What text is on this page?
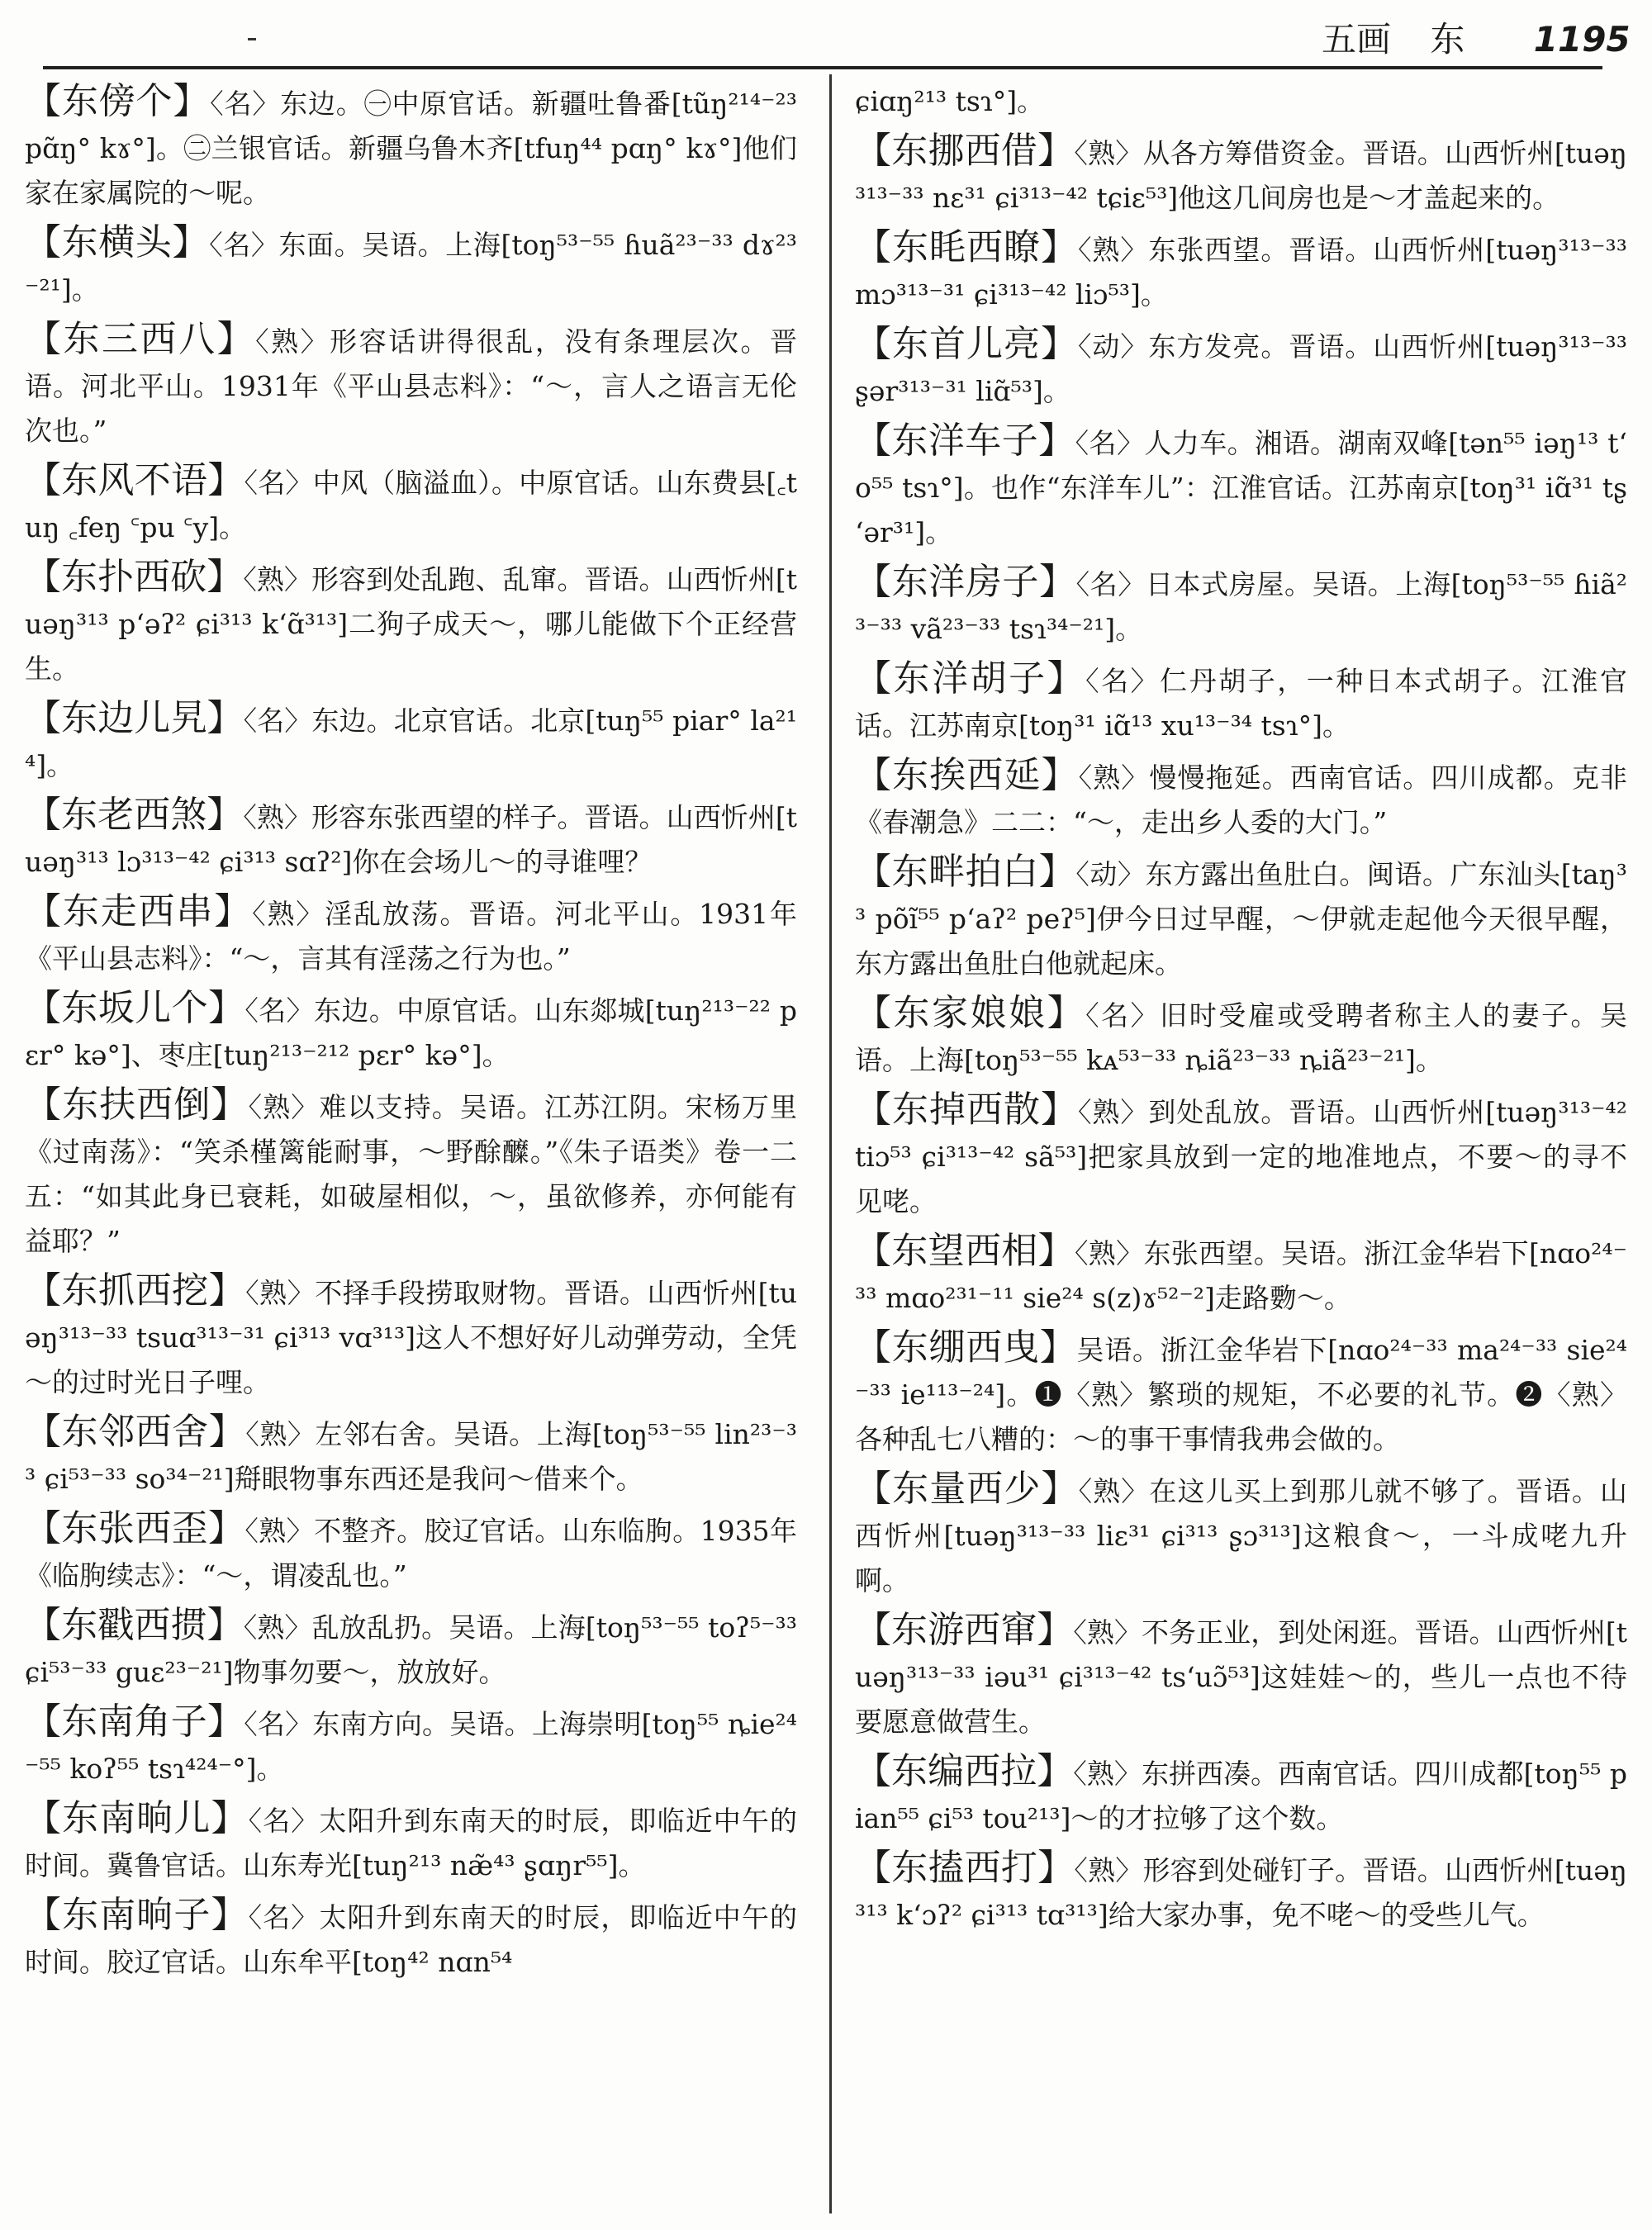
五画 东 1195
【东傍个】〈名〉东边。㊀中原官话。新疆吐鲁番[tũŋ²¹⁴⁻²³ pɑ̃ŋ° kɤ°]。㊁兰银官话。新疆乌鲁木齐[tfuŋ⁴⁴ pɑŋ° kɤ°]他们家在家属院的～呢。
【东横头】〈名〉东面。吴语。上海[toŋ⁵³⁻⁵⁵ ɦuã²³⁻³³ dɤ²³⁻²¹]。
【东三西八】〈熟〉形容话讲得很乱，没有条理层次。晋语。河北平山。1931年《平山县志料》：“～，言人之语言无伦次也。”
【东风不语】〈名〉中风（脑溢血）。中原官话。山东费县[꜀tuŋ ꜀feŋ ꜂pu ꜂y]。
【东扑西砍】〈熟〉形容到处乱跑、乱窜。晋语。山西忻州[tuəŋ³¹³ pʻəʔ² ɕi³¹³ kʻɑ̃³¹³]二狗子成天～，哪儿能做下个正经营生。
【东边儿旯】〈名〉东边。北京官话。北京[tuŋ⁵⁵ piar° la²¹⁴]。
【东老西煞】〈熟〉形容东张西望的样子。晋语。山西忻州[tuəŋ³¹³ lɔ³¹³⁻⁴² ɕi³¹³ sɑʔ²]你在会场儿～的寻谁哩？
【东走西串】〈熟〉淫乱放荡。晋语。河北平山。1931年《平山县志料》：“～，言其有淫荡之行为也。”
【东坂儿个】〈名〉东边。中原官话。山东郯城[tuŋ²¹³⁻²² pɛr° kə°]、枣庄[tuŋ²¹³⁻²¹² pɛr° kə°]。
【东扶西倒】〈熟〉难以支持。吴语。江苏江阴。宋杨万里《过南荡》：“笑杀槿篱能耐事，～野酴醾。”《朱子语类》卷一二五：“如其此身已衰耗，如破屋相似，～，虽欲修养，亦何能有益耶？”
【东抓西挖】〈熟〉不择手段捞取财物。晋语。山西忻州[tuəŋ³¹³⁻³³ tsuɑ³¹³⁻³¹ ɕi³¹³ vɑ³¹³]这人不想好好儿动弹劳动，全凭～的过时光日子哩。
【东邻西舍】〈熟〉左邻右舍。吴语。上海[toŋ⁵³⁻⁵⁵ lin²³⁻³³ ɕi⁵³⁻³³ so³⁴⁻²¹]搿眼物事东西还是我问～借来个。
【东张西歪】〈熟〉不整齐。胶辽官话。山东临朐。1935年《临朐续志》：“～，谓凌乱也。”
【东戳西掼】〈熟〉乱放乱扔。吴语。上海[toŋ⁵³⁻⁵⁵ toʔ⁵⁻³³ ɕi⁵³⁻³³ guɛ²³⁻²¹]物事勿要～，放放好。
【东南角子】〈名〉东南方向。吴语。上海崇明[toŋ⁵⁵ ȵie²⁴⁻⁵⁵ koʔ⁵⁵ tsɿ⁴²⁴⁻°]。
【东南晌儿】〈名〉太阳升到东南天的时辰，即临近中午的时间。冀鲁官话。山东寿光[tuŋ²¹³ næ̃⁴³ ʂɑŋr⁵⁵]。
【东南晌子】〈名〉太阳升到东南天的时辰，即临近中午的时间。胶辽官话。山东牟平[toŋ⁴² nɑn⁵⁴
ɕiɑŋ²¹³ tsɿ°]。
【东挪西借】〈熟〉从各方筹借资金。晋语。山西忻州[tuəŋ³¹³⁻³³ nɛ³¹ ɕi³¹³⁻⁴² tɕiɛ⁵³]他这几间房也是～才盖起来的。
【东眊西瞭】〈熟〉东张西望。晋语。山西忻州[tuəŋ³¹³⁻³³ mɔ³¹³⁻³¹ ɕi³¹³⁻⁴² liɔ⁵³]。
【东首儿亮】〈动〉东方发亮。晋语。山西忻州[tuəŋ³¹³⁻³³ ʂər³¹³⁻³¹ liɑ̃⁵³]。
【东洋车子】〈名〉人力车。湘语。湖南双峰[tən⁵⁵ iəŋ¹³ tʻo⁵⁵ tsɿ°]。也作“东洋车儿”：江淮官话。江苏南京[toŋ³¹ iɑ̃³¹ tʂʻər³¹]。
【东洋房子】〈名〉日本式房屋。吴语。上海[toŋ⁵³⁻⁵⁵ ɦiã²³⁻³³ vã²³⁻³³ tsɿ³⁴⁻²¹]。
【东洋胡子】〈名〉仁丹胡子，一种日本式胡子。江淮官话。江苏南京[toŋ³¹ iɑ̃¹³ xu¹³⁻³⁴ tsɿ°]。
【东挨西延】〈熟〉慢慢拖延。西南官话。四川成都。克非《春潮急》二二：“～，走出乡人委的大门。”
【东畔拍白】〈动〉东方露出鱼肚白。闽语。广东汕头[taŋ³³ põĩ⁵⁵ pʻaʔ² peʔ⁵]伊今日过早醒，～伊就走起他今天很早醒，东方露出鱼肚白他就起床。
【东家娘娘】〈名〉旧时受雇或受聘者称主人的妻子。吴语。上海[toŋ⁵³⁻⁵⁵ kᴀ⁵³⁻³³ ȵiã²³⁻³³ ȵiã²³⁻²¹]。
【东掉西散】〈熟〉到处乱放。晋语。山西忻州[tuəŋ³¹³⁻⁴² tiɔ⁵³ ɕi³¹³⁻⁴² sã⁵³]把家具放到一定的地准地点，不要～的寻不见咾。
【东望西相】〈熟〉东张西望。吴语。浙江金华岩下[nɑo²⁴⁻³³ mɑo²³¹⁻¹¹ sie²⁴ s(z)ɤ⁵²⁻²]走路覅～。
【东绷西曳】吴语。浙江金华岩下[nɑo²⁴⁻³³ ma²⁴⁻³³ sie²⁴⁻³³ ie¹¹³⁻²⁴]。❶〈熟〉繁琐的规矩，不必要的礼节。❷〈熟〉各种乱七八糟的：～的事干事情我弗会做的。
【东量西少】〈熟〉在这儿买上到那儿就不够了。晋语。山西忻州[tuəŋ³¹³⁻³³ liɛ³¹ ɕi³¹³ ʂɔ³¹³]这粮食～，一斗成咾九升啊。
【东游西窜】〈熟〉不务正业，到处闲逛。晋语。山西忻州[tuəŋ³¹³⁻³³ iəu³¹ ɕi³¹³⁻⁴² tsʻuɔ̃⁵³]这娃娃～的，些儿一点也不待要愿意做营生。
【东编西拉】〈熟〉东拼西凑。西南官话。四川成都[toŋ⁵⁵ pian⁵⁵ ɕi⁵³ tou²¹³]～的才拉够了这个数。
【东搕西打】〈熟〉形容到处碰钉子。晋语。山西忻州[tuəŋ³¹³ kʻɔʔ² ɕi³¹³ tɑ³¹³]给大家办事，免不咾～的受些儿气。
